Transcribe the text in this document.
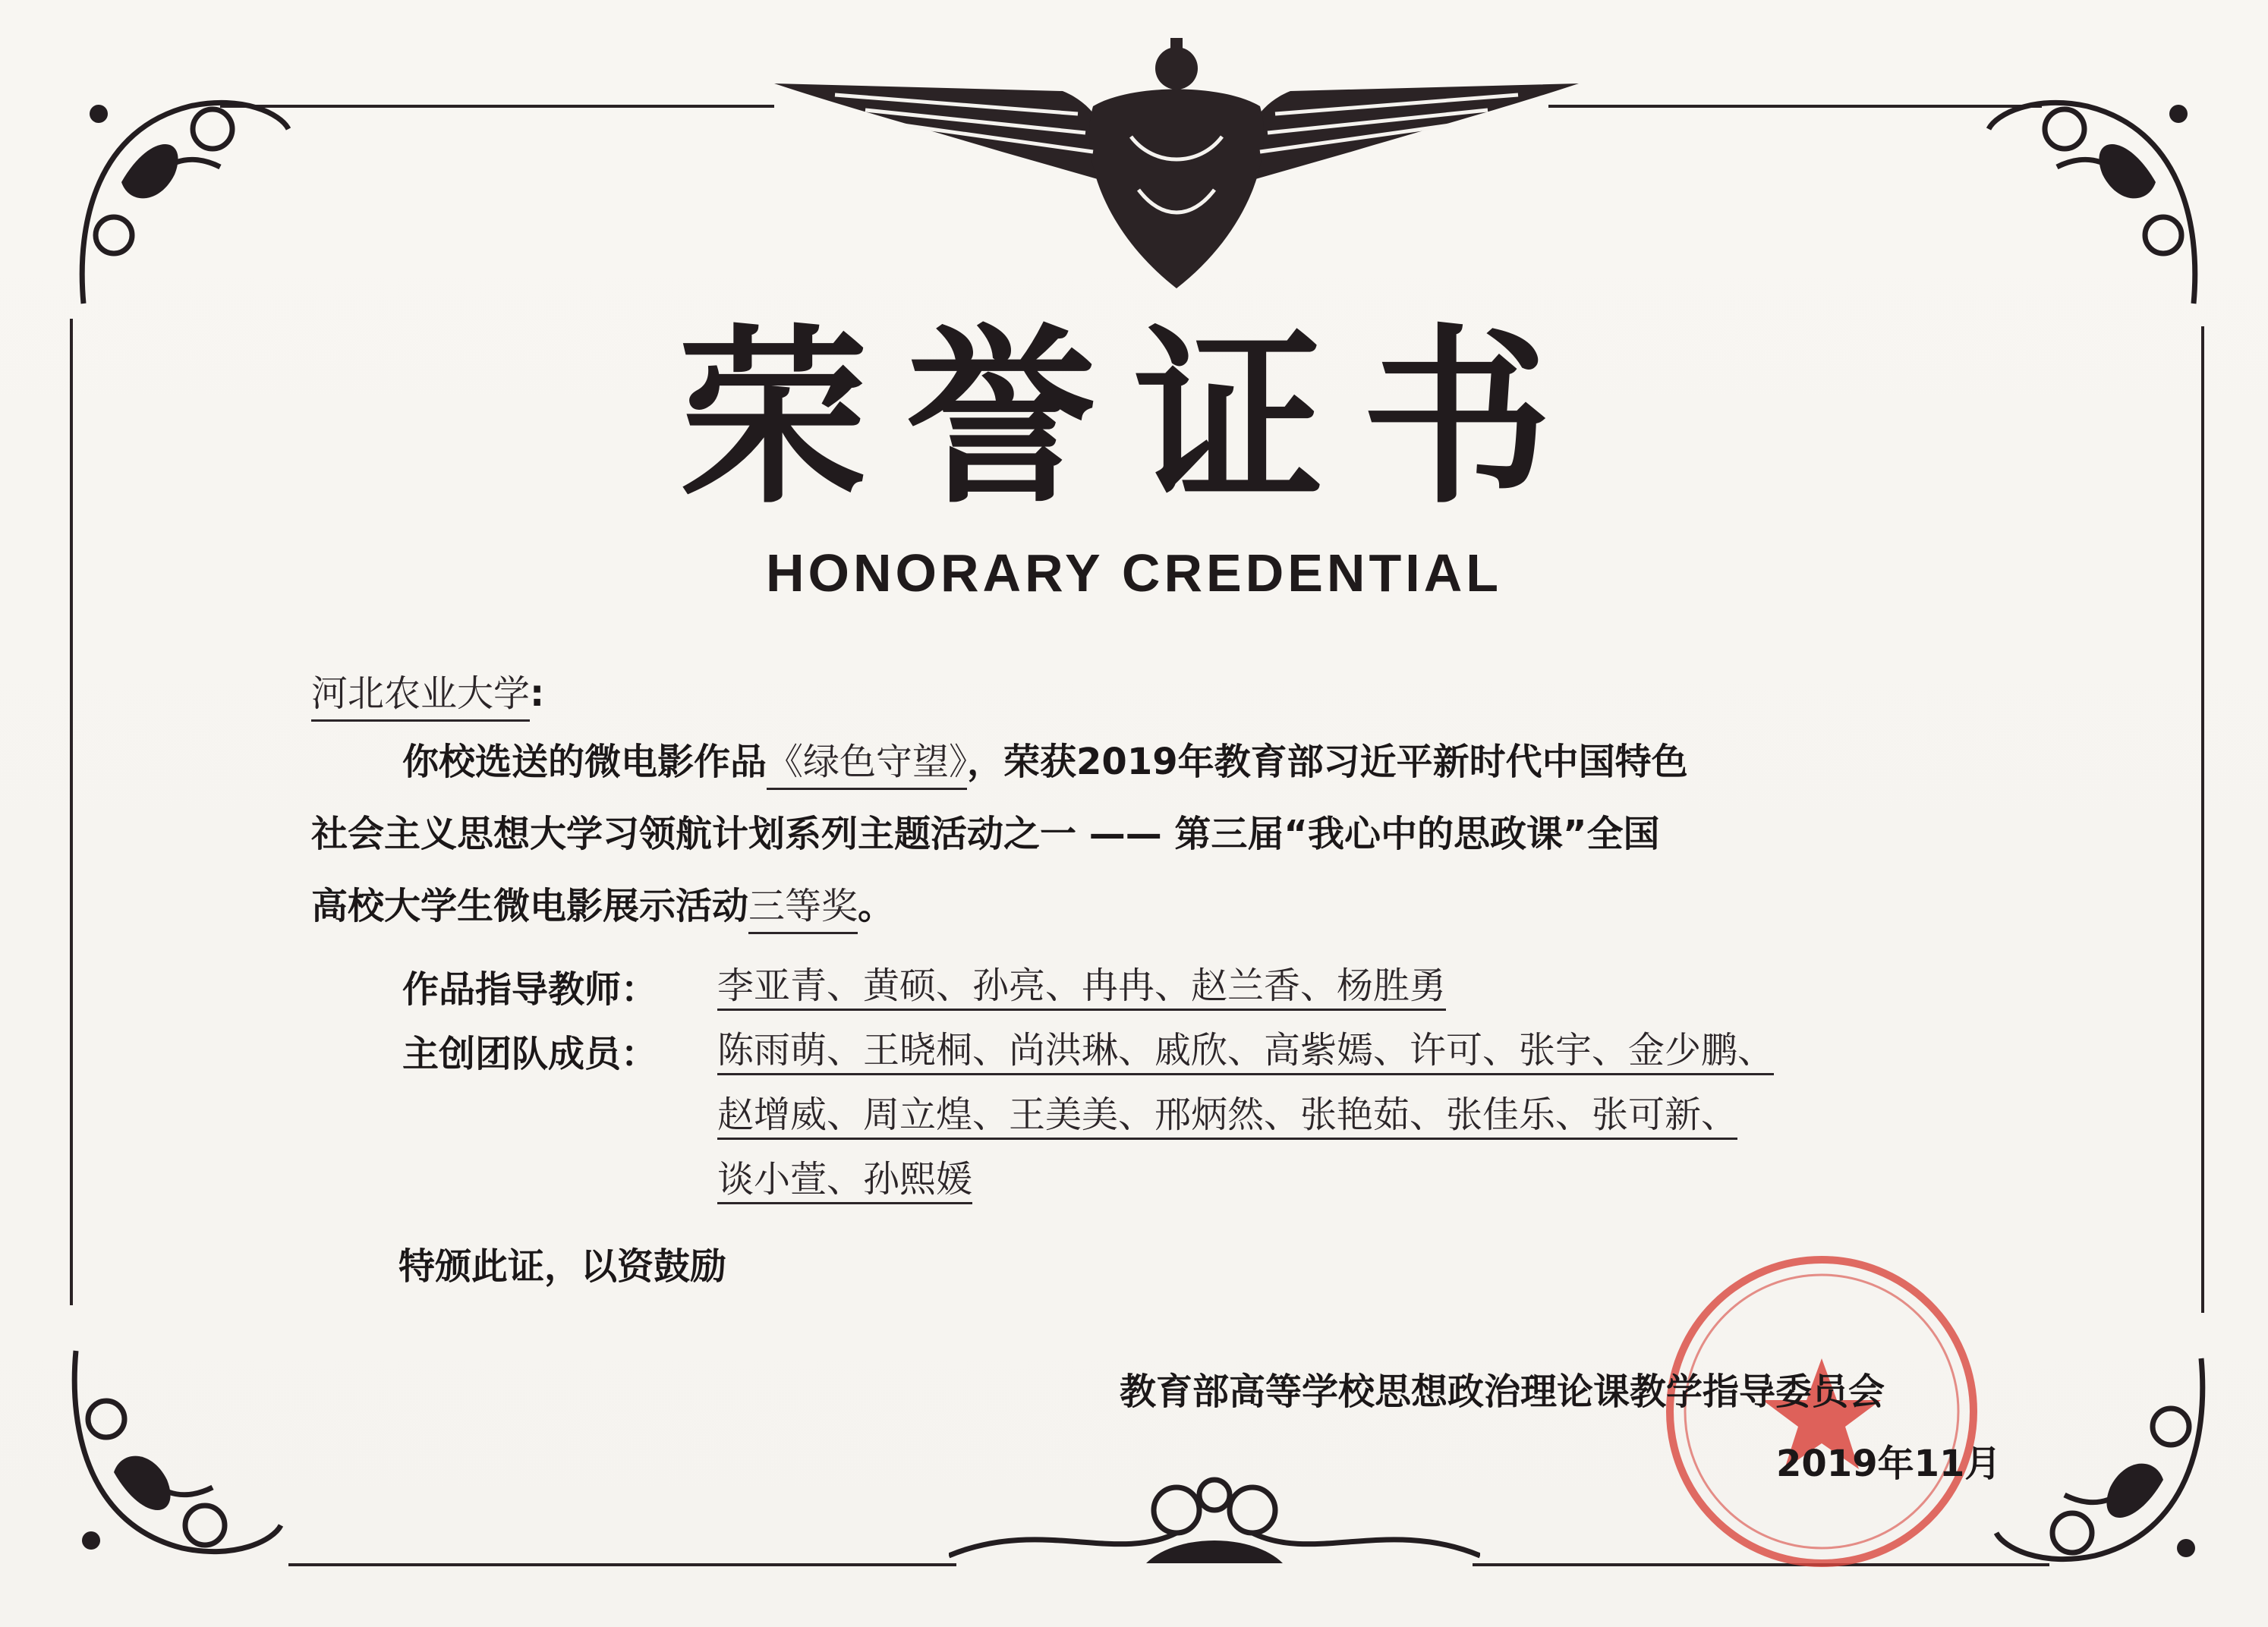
荣誉证书
HONORARY CREDENTIAL
河北农业大学:
你校选送的微电影作品《绿色守望》，荣获2019年教育部习近平新时代中国特色
社会主义思想大学习领航计划系列主题活动之一 —— 第三届“我心中的思政课”全国
高校大学生微电影展示活动三等奖。
作品指导教师： 李亚青、黄硕、孙亮、冉冉、赵兰香、杨胜勇
主创团队成员： 陈雨萌、王晓桐、尚洪琳、戚欣、高紫嫣、许可、张宇、金少鹏、
赵增威、周立煌、王美美、邢炳然、张艳茹、张佳乐、张可新、
谈小萱、孙熙媛
特颁此证，以资鼓励
教育部高等学校思想政治理论课教学指导委员会
2019年11月
